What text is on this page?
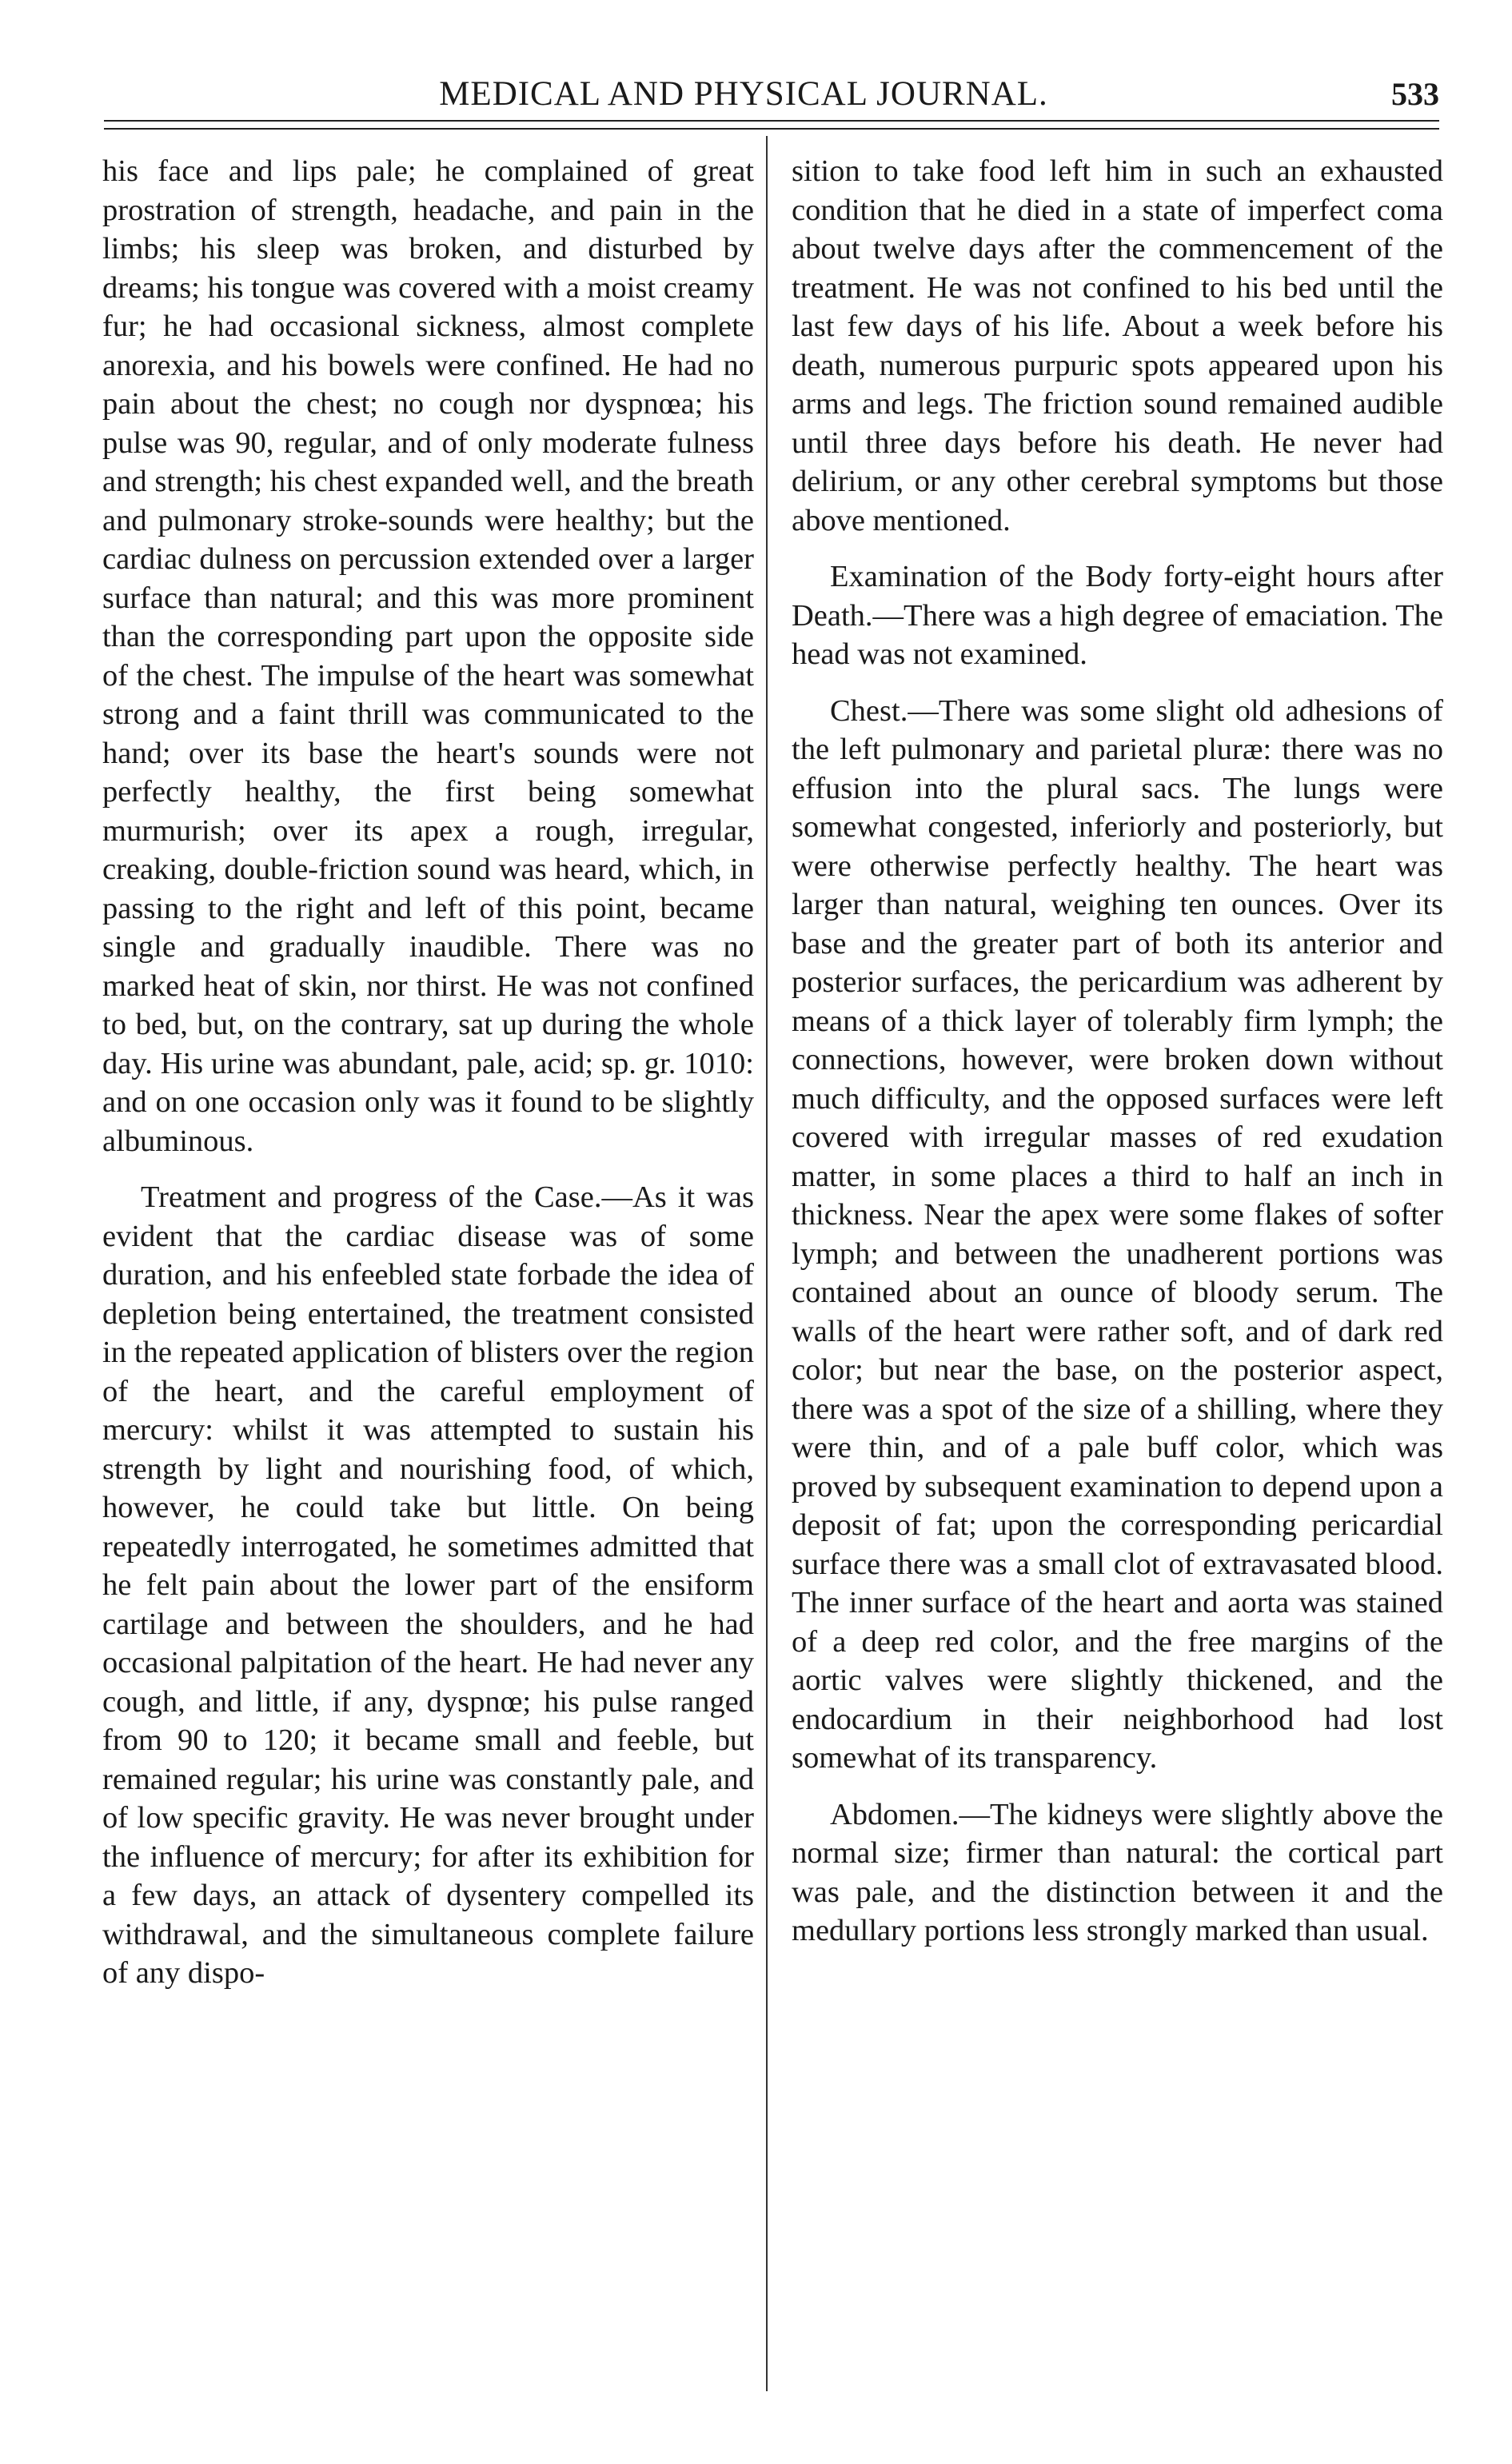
MEDICAL AND PHYSICAL JOURNAL.	533

his face and lips pale; he complained of great prostration of strength, headache, and pain in the limbs; his sleep was broken, and disturbed by dreams; his tongue was covered with a moist creamy fur; he had occasional sickness, almost complete anorexia, and his bowels were confined. He had no pain about the chest; no cough nor dyspnœa; his pulse was 90, regular, and of only moderate fulness and strength; his chest expanded well, and the breath and pulmonary stroke-sounds were healthy; but the cardiac dulness on percussion extended over a larger surface than natural; and this was more prominent than the corresponding part upon the opposite side of the chest. The impulse of the heart was somewhat strong and a faint thrill was communicated to the hand; over its base the heart's sounds were not perfectly healthy, the first being somewhat murmurish; over its apex a rough, irregular, creaking, double-friction sound was heard, which, in passing to the right and left of this point, became single and gradually inaudible. There was no marked heat of skin, nor thirst. He was not confined to bed, but, on the contrary, sat up during the whole day. His urine was abundant, pale, acid; sp. gr. 1010: and on one occasion only was it found to be slightly albuminous.

Treatment and progress of the Case.—As it was evident that the cardiac disease was of some duration, and his enfeebled state forbade the idea of depletion being entertained, the treatment consisted in the repeated application of blisters over the region of the heart, and the careful employment of mercury: whilst it was attempted to sustain his strength by light and nourishing food, of which, however, he could take but little. On being repeatedly interrogated, he sometimes admitted that he felt pain about the lower part of the ensiform cartilage and between the shoulders, and he had occasional palpitation of the heart. He had never any cough, and little, if any, dyspnœ; his pulse ranged from 90 to 120; it became small and feeble, but remained regular; his urine was constantly pale, and of low specific gravity. He was never brought under the influence of mercury; for after its exhibition for a few days, an attack of dysentery compelled its withdrawal, and the simultaneous complete failure of any dispo-

sition to take food left him in such an exhausted condition that he died in a state of imperfect coma about twelve days after the commencement of the treatment. He was not confined to his bed until the last few days of his life. About a week before his death, numerous purpuric spots appeared upon his arms and legs. The friction sound remained audible until three days before his death. He never had delirium, or any other cerebral symptoms but those above mentioned.

Examination of the Body forty-eight hours after Death.—There was a high degree of emaciation. The head was not examined.

Chest.—There was some slight old adhesions of the left pulmonary and parietal pluræ: there was no effusion into the plural sacs. The lungs were somewhat congested, inferiorly and posteriorly, but were otherwise perfectly healthy. The heart was larger than natural, weighing ten ounces. Over its base and the greater part of both its anterior and posterior surfaces, the pericardium was adherent by means of a thick layer of tolerably firm lymph; the connections, however, were broken down without much difficulty, and the opposed surfaces were left covered with irregular masses of red exudation matter, in some places a third to half an inch in thickness. Near the apex were some flakes of softer lymph; and between the unadherent portions was contained about an ounce of bloody serum. The walls of the heart were rather soft, and of dark red color; but near the base, on the posterior aspect, there was a spot of the size of a shilling, where they were thin, and of a pale buff color, which was proved by subsequent examination to depend upon a deposit of fat; upon the corresponding pericardial surface there was a small clot of extravasated blood. The inner surface of the heart and aorta was stained of a deep red color, and the free margins of the aortic valves were slightly thickened, and the endocardium in their neighborhood had lost somewhat of its transparency.

Abdomen.—The kidneys were slightly above the normal size; firmer than natural: the cortical part was pale, and the distinction between it and the medullary portions less strongly marked than usual.
